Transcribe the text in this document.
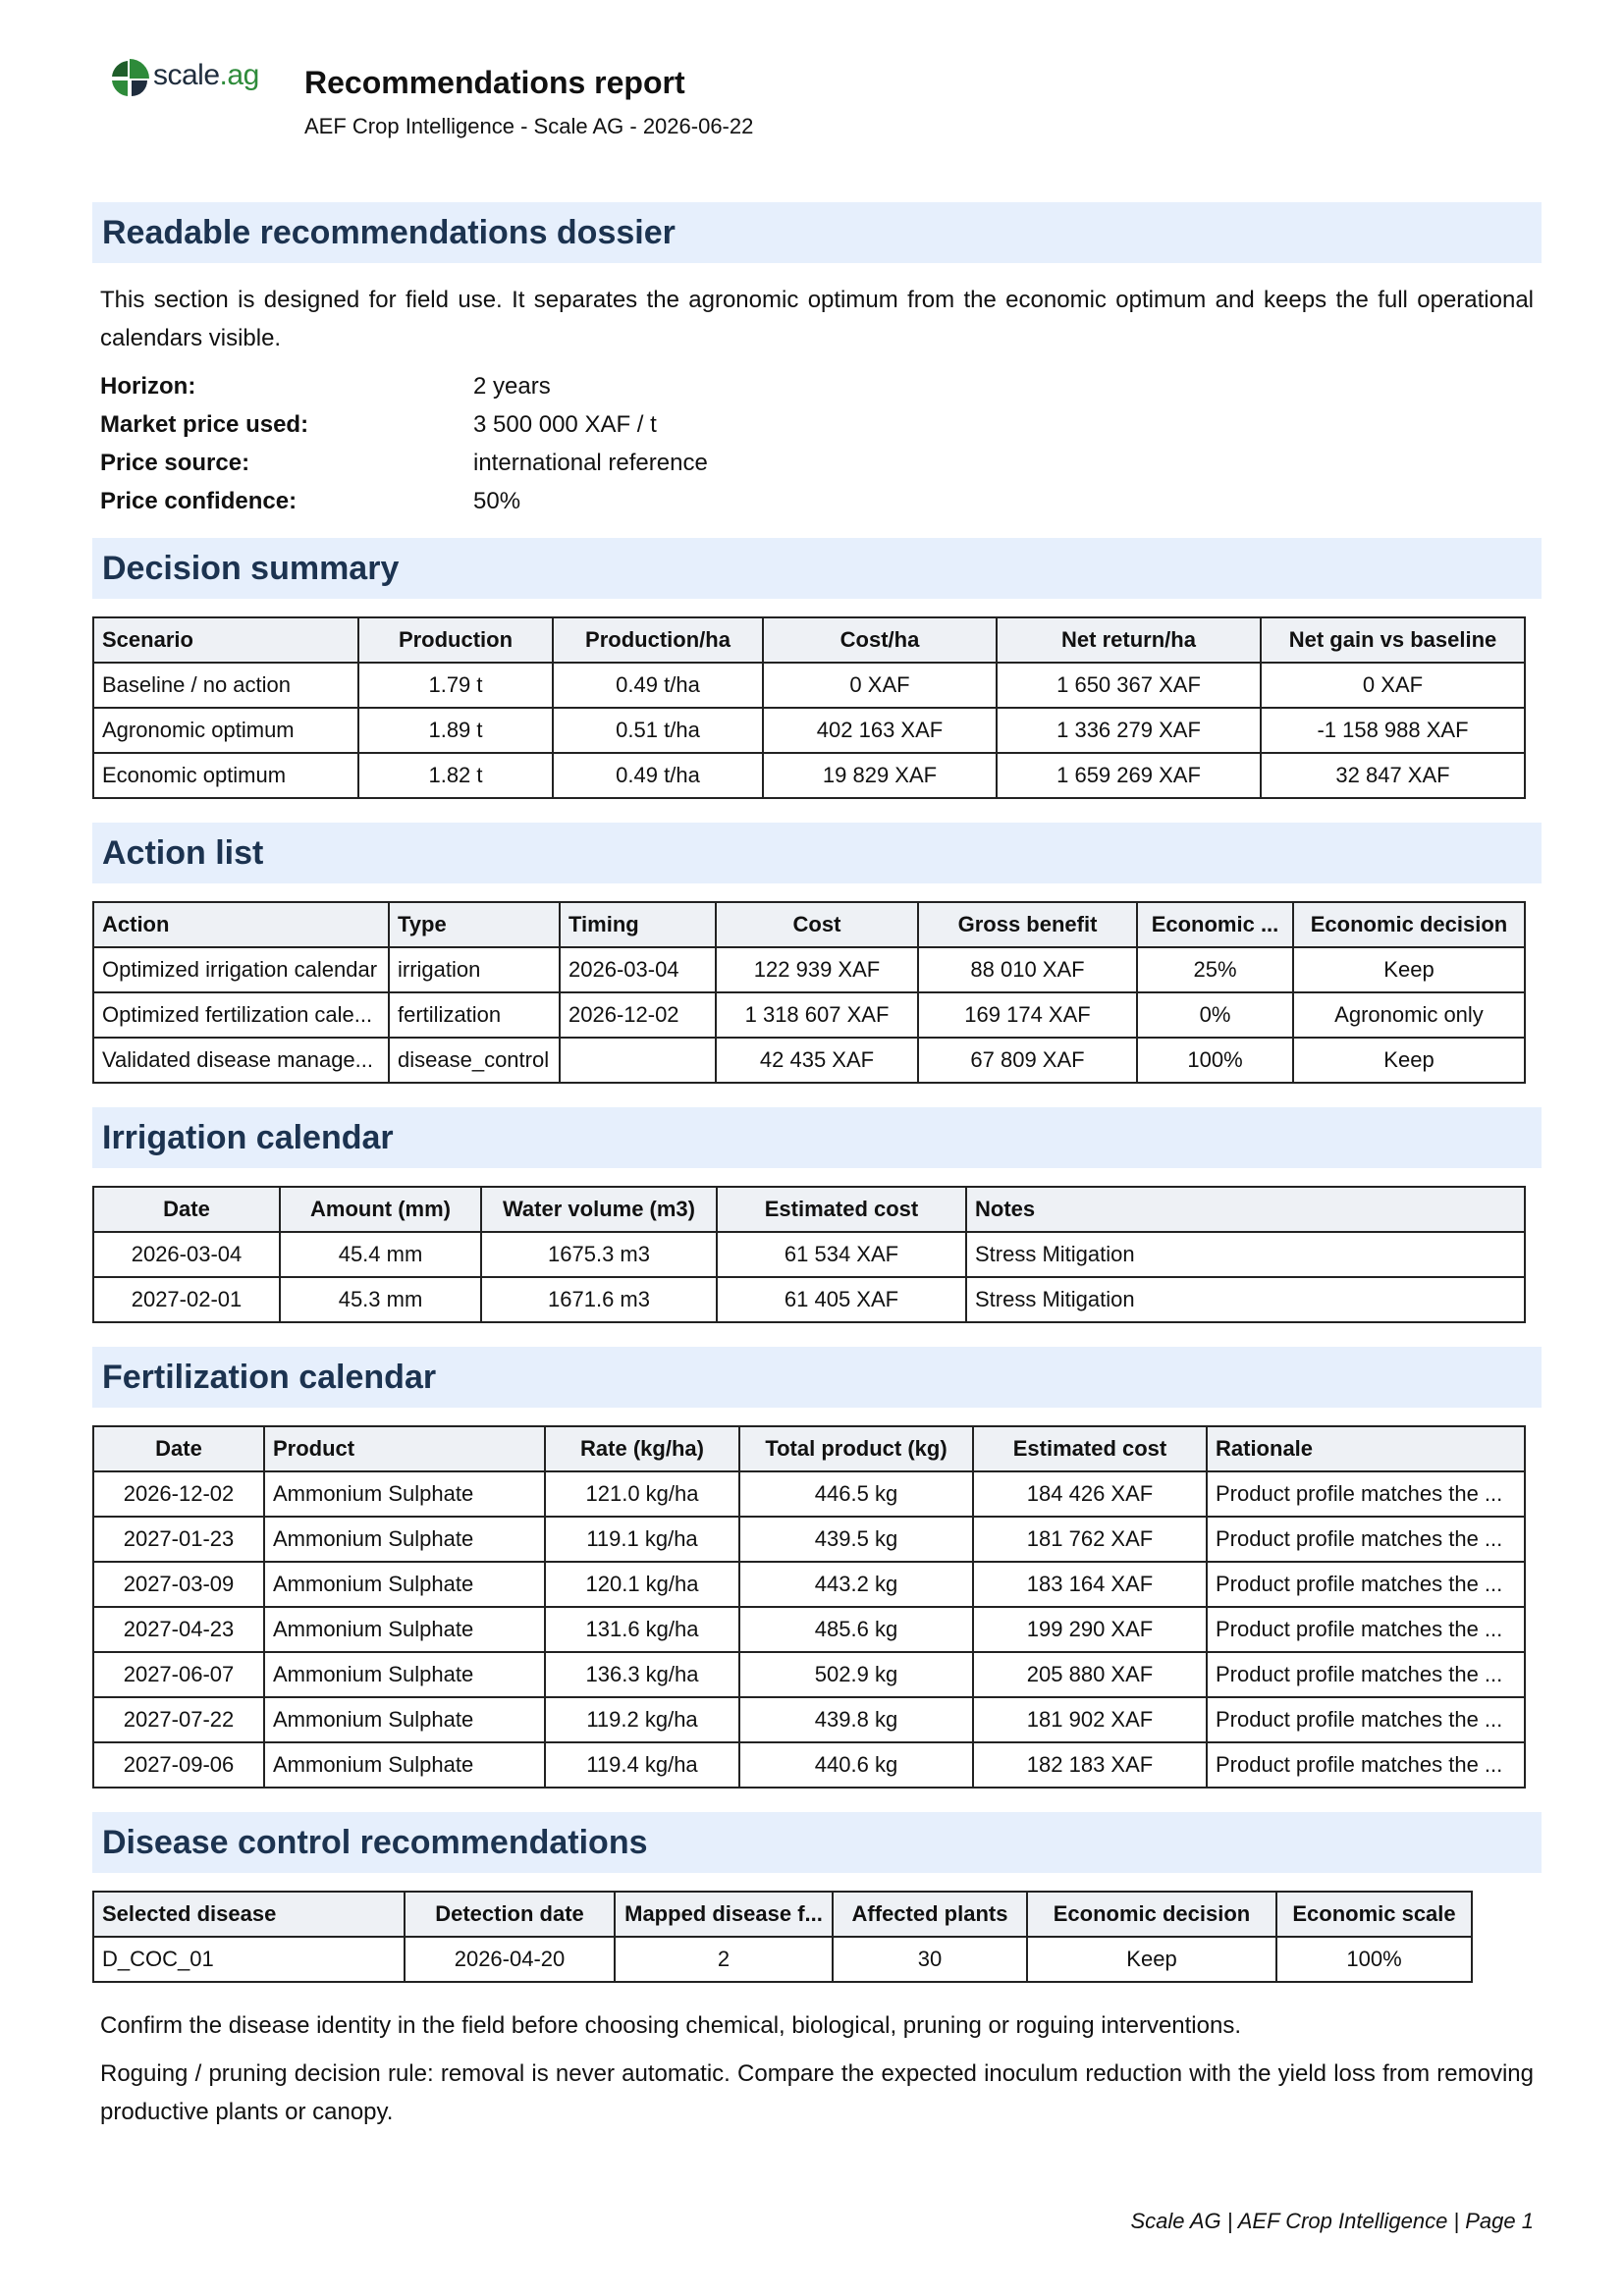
scale.ag Recommendations report
AEF Crop Intelligence - Scale AG - 2026-06-22
Readable recommendations dossier
This section is designed for field use. It separates the agronomic optimum from the economic optimum and keeps the full operational calendars visible.
Horizon:	2 years
Market price used:	3 500 000 XAF / t
Price source:	international reference
Price confidence:	50%
Decision summary
Scenario	Production	Production/ha	Cost/ha	Net return/ha	Net gain vs baseline
Baseline / no action	1.79 t	0.49 t/ha	0 XAF	1 650 367 XAF	0 XAF
Agronomic optimum	1.89 t	0.51 t/ha	402 163 XAF	1 336 279 XAF	-1 158 988 XAF
Economic optimum	1.82 t	0.49 t/ha	19 829 XAF	1 659 269 XAF	32 847 XAF
Action list
Action	Type	Timing	Cost	Gross benefit	Economic ...	Economic decision
Optimized irrigation calendar	irrigation	2026-03-04	122 939 XAF	88 010 XAF	25%	Keep
Optimized fertilization cale...	fertilization	2026-12-02	1 318 607 XAF	169 174 XAF	0%	Agronomic only
Validated disease manage...	disease_control		42 435 XAF	67 809 XAF	100%	Keep
Irrigation calendar
Date	Amount (mm)	Water volume (m3)	Estimated cost	Notes
2026-03-04	45.4 mm	1675.3 m3	61 534 XAF	Stress Mitigation
2027-02-01	45.3 mm	1671.6 m3	61 405 XAF	Stress Mitigation
Fertilization calendar
Date	Product	Rate (kg/ha)	Total product (kg)	Estimated cost	Rationale
2026-12-02	Ammonium Sulphate	121.0 kg/ha	446.5 kg	184 426 XAF	Product profile matches the ...
2027-01-23	Ammonium Sulphate	119.1 kg/ha	439.5 kg	181 762 XAF	Product profile matches the ...
2027-03-09	Ammonium Sulphate	120.1 kg/ha	443.2 kg	183 164 XAF	Product profile matches the ...
2027-04-23	Ammonium Sulphate	131.6 kg/ha	485.6 kg	199 290 XAF	Product profile matches the ...
2027-06-07	Ammonium Sulphate	136.3 kg/ha	502.9 kg	205 880 XAF	Product profile matches the ...
2027-07-22	Ammonium Sulphate	119.2 kg/ha	439.8 kg	181 902 XAF	Product profile matches the ...
2027-09-06	Ammonium Sulphate	119.4 kg/ha	440.6 kg	182 183 XAF	Product profile matches the ...
Disease control recommendations
Selected disease	Detection date	Mapped disease f...	Affected plants	Economic decision	Economic scale
D_COC_01	2026-04-20	2	30	Keep	100%
Confirm the disease identity in the field before choosing chemical, biological, pruning or roguing interventions.
Roguing / pruning decision rule: removal is never automatic. Compare the expected inoculum reduction with the yield loss from removing productive plants or canopy.
Scale AG | AEF Crop Intelligence | Page 1
